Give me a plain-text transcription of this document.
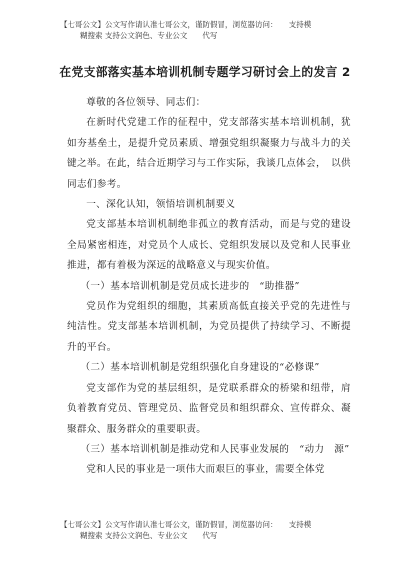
【七哥公文】公文写作请认准七哥公文，谨防假冒，浏览器访问：　　支持模
糊搜索 支持公文润色、专业公文　　代写
在党支部落实基本培训机制专题学习研讨会上的发言 2

尊敬的各位领导、同志们：

在新时代党建工作的征程中，党支部落实基本培训机制，犹如夯基垒土，是提升党员素质、增强党组织凝聚力与战斗力的关键之举。在此，结合近期学习与工作实际，我谈几点体会，　以供同志们参考。

一、深化认知，领悟培训机制要义

党支部基本培训机制绝非孤立的教育活动，而是与党的建设全局紧密相连，对党员个人成长、党组织发展以及党和人民事业推进，都有着极为深远的战略意义与现实价值。

（一）基本培训机制是党员成长进步的　“助推器”

党员作为党组织的细胞，其素质高低直接关乎党的先进性与纯洁性。党支部基本培训机制，为党员提供了持续学习、不断提升的平台。

（二）基本培训机制是党组织强化自身建设的“必修课”

党支部作为党的基层组织，是党联系群众的桥梁和纽带，肩负着教育党员、管理党员、监督党员和组织群众、宣传群众、凝聚群众、服务群众的重要职责。

（三）基本培训机制是推动党和人民事业发展的　“动力　源”

党和人民的事业是一项伟大而艰巨的事业，需要全体党

【七哥公文】公文写作请认准七哥公文，谨防假冒，浏览器访问：　　支持模
糊搜索 支持公文润色、专业公文　　代写
